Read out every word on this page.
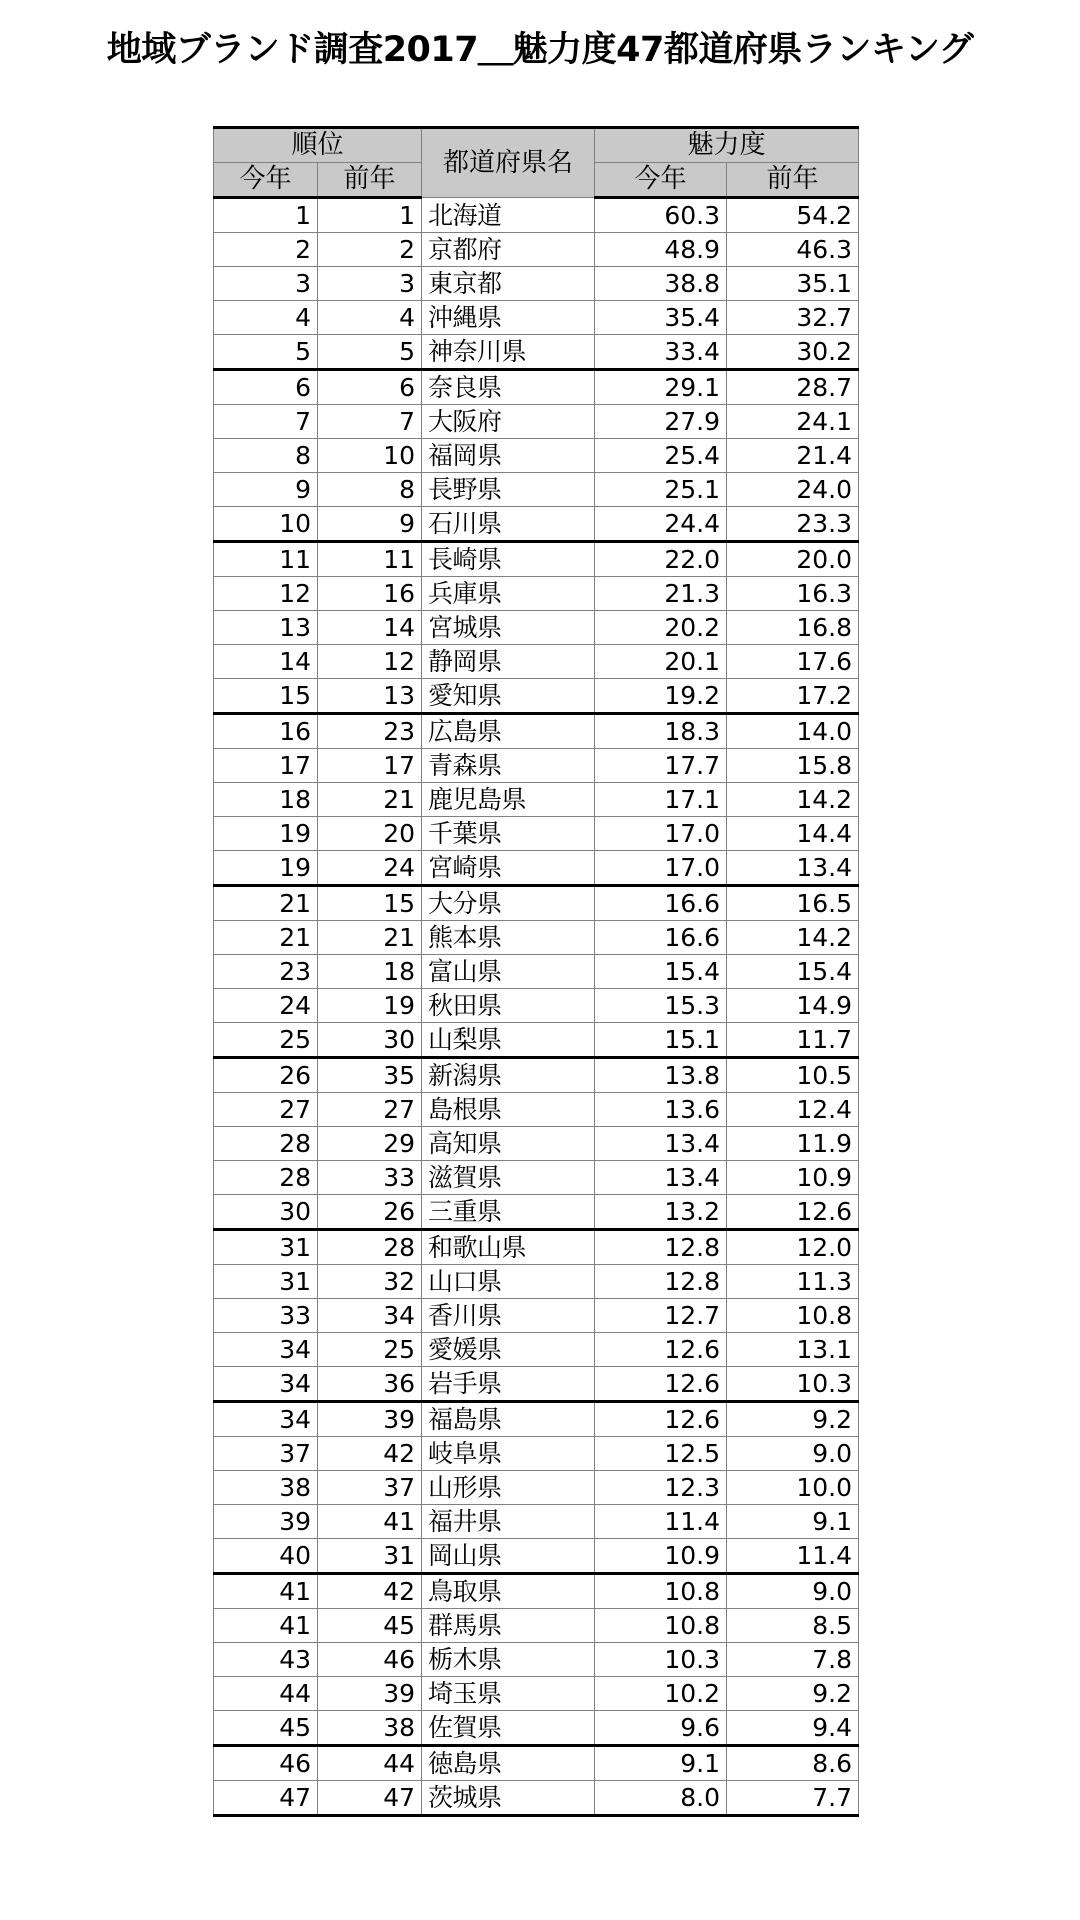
地域ブランド調査2017＿魅力度47都道府県ランキング
順位		都道府県名	魅力度	
今年	前年		今年	前年
1	1	北海道	60.3	54.2
2	2	京都府	48.9	46.3
3	3	東京都	38.8	35.1
4	4	沖縄県	35.4	32.7
5	5	神奈川県	33.4	30.2
6	6	奈良県	29.1	28.7
7	7	大阪府	27.9	24.1
8	10	福岡県	25.4	21.4
9	8	長野県	25.1	24.0
10	9	石川県	24.4	23.3
11	11	長崎県	22.0	20.0
12	16	兵庫県	21.3	16.3
13	14	宮城県	20.2	16.8
14	12	静岡県	20.1	17.6
15	13	愛知県	19.2	17.2
16	23	広島県	18.3	14.0
17	17	青森県	17.7	15.8
18	21	鹿児島県	17.1	14.2
19	20	千葉県	17.0	14.4
19	24	宮崎県	17.0	13.4
21	15	大分県	16.6	16.5
21	21	熊本県	16.6	14.2
23	18	富山県	15.4	15.4
24	19	秋田県	15.3	14.9
25	30	山梨県	15.1	11.7
26	35	新潟県	13.8	10.5
27	27	島根県	13.6	12.4
28	29	高知県	13.4	11.9
28	33	滋賀県	13.4	10.9
30	26	三重県	13.2	12.6
31	28	和歌山県	12.8	12.0
31	32	山口県	12.8	11.3
33	34	香川県	12.7	10.8
34	25	愛媛県	12.6	13.1
34	36	岩手県	12.6	10.3
34	39	福島県	12.6	9.2
37	42	岐阜県	12.5	9.0
38	37	山形県	12.3	10.0
39	41	福井県	11.4	9.1
40	31	岡山県	10.9	11.4
41	42	鳥取県	10.8	9.0
41	45	群馬県	10.8	8.5
43	46	栃木県	10.3	7.8
44	39	埼玉県	10.2	9.2
45	38	佐賀県	9.6	9.4
46	44	徳島県	9.1	8.6
47	47	茨城県	8.0	7.7
